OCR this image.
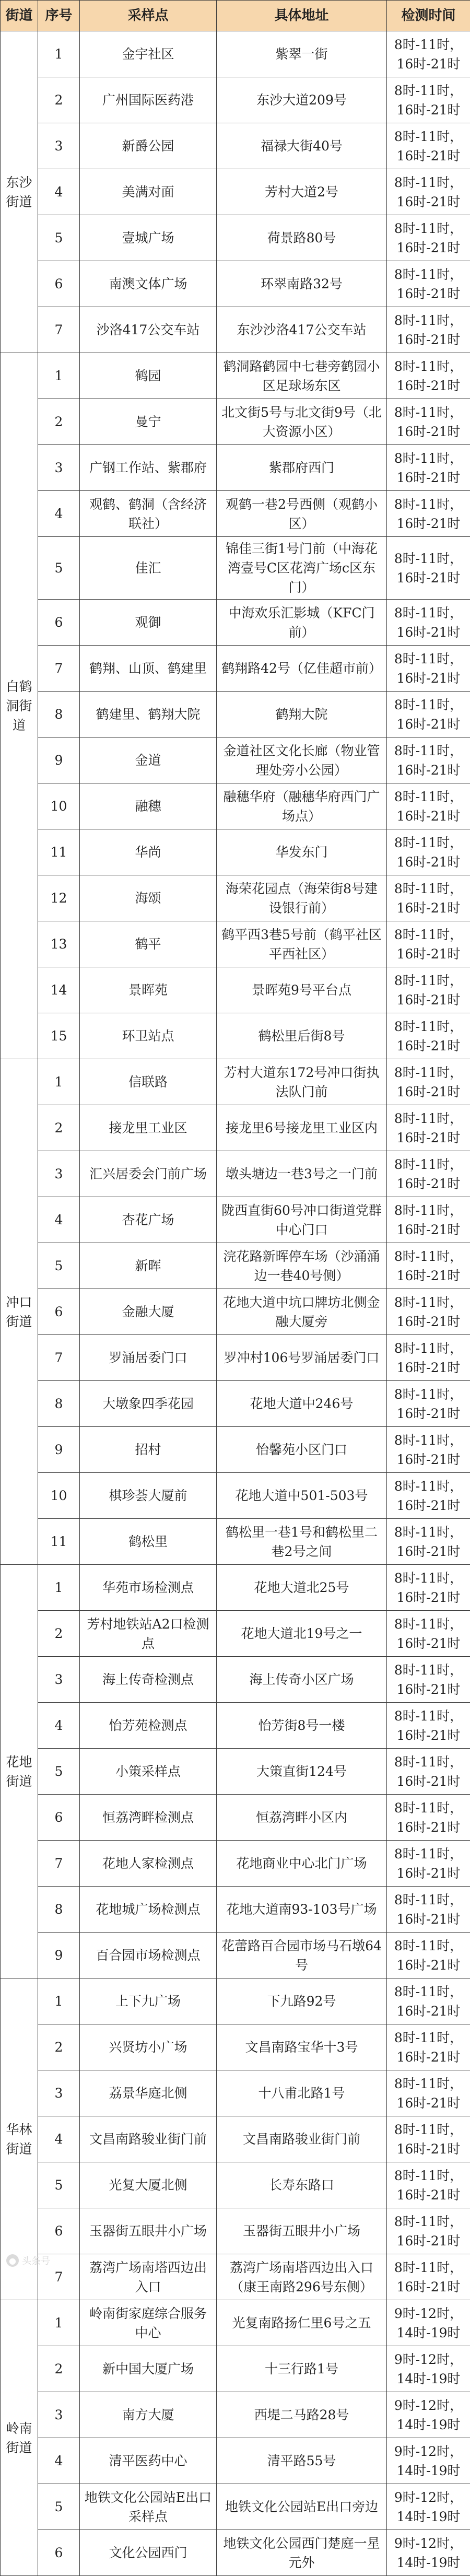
街道	序号	采样点	具体地址	检测时间
东沙街道	1	金宇社区	紫翠一街	8时-11时，
16时-21时

	2	广州国际医药港	东沙大道209号	8时-11时，
16时-21时

	3	新爵公园	福禄大街40号	8时-11时，
16时-21时

	4	美满对面	芳村大道2号	8时-11时，
16时-21时

	5	壹城广场	荷景路80号	8时-11时，
16时-21时

	6	南澳文体广场	环翠南路32号	8时-11时，
16时-21时

	7	沙洛417公交车站	东沙沙洛417公交车站	8时-11时，
16时-21时

白鹤洞街道	1	鹤园	鹤洞路鹤园中七巷旁鹤园小区足球场东区	8时-11时，
16时-21时

	2	曼宁	北文街5号与北文街9号（北大资源小区）	8时-11时，
16时-21时

	3	广钢工作站、紫郡府	紫郡府西门	8时-11时，
16时-21时

	4	观鹤、鹤洞（含经济联社）	观鹤一巷2号西侧（观鹤小区）	8时-11时，
16时-21时

	5	佳汇	锦佳三街1号门前（中海花湾壹号C区花湾广场c区东门）	8时-11时，
16时-21时

	6	观御	中海欢乐汇影城（KFC门前）	8时-11时，
16时-21时

	7	鹤翔、山顶、鹤建里	鹤翔路42号（亿佳超市前）	8时-11时，
16时-21时

	8	鹤建里、鹤翔大院	鹤翔大院	8时-11时，
16时-21时

	9	金道	金道社区文化长廊（物业管理处旁小公园）	8时-11时，
16时-21时

	10	融穗	融穗华府（融穗华府西门广场点）	8时-11时，
16时-21时

	11	华尚	华发东门	8时-11时，
16时-21时

	12	海颂	海荣花园点（海荣街8号建设银行前）	8时-11时，
16时-21时

	13	鹤平	鹤平西3巷5号前（鹤平社区平西社区）	8时-11时，
16时-21时

	14	景晖苑	景晖苑9号平台点	8时-11时，
16时-21时

	15	环卫站点	鹤松里后街8号	8时-11时，
16时-21时

冲口街道	1	信联路	芳村大道东172号冲口街执法队门前	8时-11时，
16时-21时

	2	接龙里工业区	接龙里6号接龙里工业区内	8时-11时，
16时-21时

	3	汇兴居委会门前广场	墩头塘边一巷3号之一门前	8时-11时，
16时-21时

	4	杏花广场	陇西直街60号冲口街道党群中心门口	8时-11时，
16时-21时

	5	新晖	浣花路新晖停车场（沙涌涌边一巷40号侧）	8时-11时，
16时-21时

	6	金融大厦	花地大道中坑口牌坊北侧金融大厦旁	8时-11时，
16时-21时

	7	罗涌居委门口	罗冲村106号罗涌居委门口	8时-11时，
16时-21时

	8	大墩象四季花园	花地大道中246号	8时-11时，
16时-21时

	9	招村	怡馨苑小区门口	8时-11时，
16时-21时

	10	棋珍荟大厦前	花地大道中501-503号	8时-11时，
16时-21时

	11	鹤松里	鹤松里一巷1号和鹤松里二巷2号之间	8时-11时，
16时-21时

花地街道	1	华苑市场检测点	花地大道北25号	8时-11时，
16时-21时

	2	芳村地铁站A2口检测点	花地大道北19号之一	8时-11时，
16时-21时

	3	海上传奇检测点	海上传奇小区广场	8时-11时，
16时-21时

	4	怡芳苑检测点	怡芳街8号一楼	8时-11时，
16时-21时

	5	小策采样点	大策直街124号	8时-11时，
16时-21时

	6	恒荔湾畔检测点	恒荔湾畔小区内	8时-11时，
16时-21时

	7	花地人家检测点	花地商业中心北门广场	8时-11时，
16时-21时

	8	花地城广场检测点	花地大道南93-103号广场	8时-11时，
16时-21时

	9	百合园市场检测点	花蕾路百合园市场马石墩64号	8时-11时，
16时-21时

华林街道	1	上下九广场	下九路92号	8时-11时，
16时-21时

	2	兴贤坊小广场	文昌南路宝华十3号	8时-11时，
16时-21时

	3	荔景华庭北侧	十八甫北路1号	8时-11时，
16时-21时

	4	文昌南路骏业街门前	文昌南路骏业街门前	8时-11时，
16时-21时

	5	光复大厦北侧	长寿东路口	8时-11时，
16时-21时

	6	玉器街五眼井小广场	玉器街五眼井小广场	8时-11时，
16时-21时

	7	荔湾广场南塔西边出入口	荔湾广场南塔西边出入口（康王南路296号东侧）	8时-11时，
16时-21时

岭南街道	1	岭南街家庭综合服务中心	光复南路扬仁里6号之五	9时-12时，
14时-19时

	2	新中国大厦广场	十三行路1号	9时-12时，
14时-19时

	3	南方大厦	西堤二马路28号	9时-12时，
14时-19时

	4	清平医药中心	清平路55号	9时-12时，
14时-19时

	5	地铁文化公园站E出口采样点	地铁文化公园站E出口旁边	9时-12时，
14时-19时

	6	文化公园西门	地铁文化公园西门楚庭一星元外	9时-12时，
14时-19时
● 头条号
